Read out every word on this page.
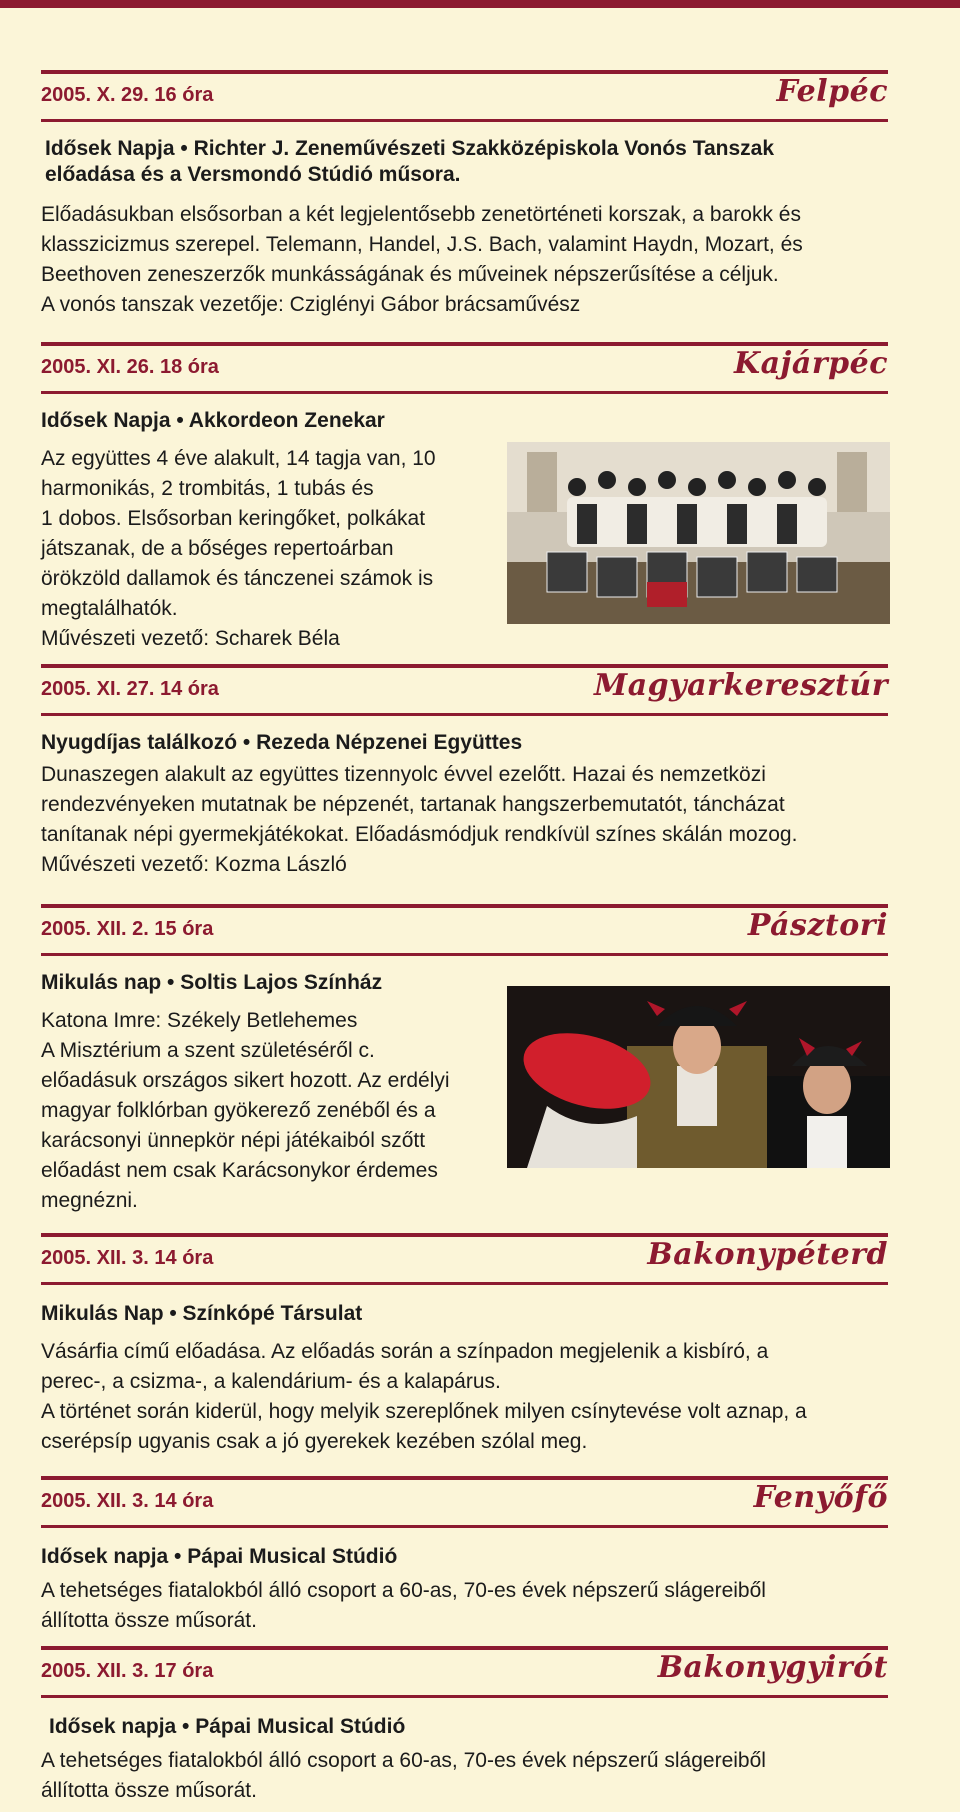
2005. X. 29. 16 óra	Felpéc
Idősek Napja • Richter J. Zeneművészeti Szakközépiskola Vonós Tanszak
előadása és a Versmondó Stúdió műsora.

Előadásukban elsősorban a két legjelentősebb zenetörténeti korszak, a barokk és

klasszicizmus szerepel. Telemann, Handel, J.S. Bach, valamint Haydn, Mozart, és

Beethoven zeneszerzők munkásságának és műveinek népszerűsítése a céljuk.

A vonós tanszak vezetője: Cziglényi Gábor brácsaművész

2005. XI. 26. 18 óra	Kajárpéc
Idősek Napja • Akkordeon Zenekar

Az együttes 4 éve alakult, 14 tagja van, 10

harmonikás, 2 trombitás, 1 tubás és

1 dobos. Elsősorban keringőket, polkákat

játszanak, de a bőséges repertoárban

örökzöld dallamok és tánczenei számok is

megtalálhatók.

Művészeti vezető: Scharek Béla

2005. XI. 27. 14 óra	Magyarkeresztúr
Nyugdíjas találkozó • Rezeda Népzenei Együttes

Dunaszegen alakult az együttes tizennyolc évvel ezelőtt. Hazai és nemzetközi

rendezvényeken mutatnak be népzenét, tartanak hangszerbemutatót, táncházat

tanítanak népi gyermekjátékokat. Előadásmódjuk rendkívül színes skálán mozog.

Művészeti vezető: Kozma László

2005. XII. 2. 15 óra	Pásztori
Mikulás nap • Soltis Lajos Színház

Katona Imre: Székely Betlehemes

A Misztérium a szent születéséről c.

előadásuk országos sikert hozott. Az erdélyi

magyar folklórban gyökerező zenéből és a

karácsonyi ünnepkör népi játékaiból szőtt

előadást nem csak Karácsonykor érdemes

megnézni.

2005. XII. 3. 14 óra	Bakonypéterd
Mikulás Nap • Színkópé Társulat

Vásárfia című előadása. Az előadás során a színpadon megjelenik a kisbíró, a

perec-, a csizma-, a kalendárium- és a kalapárus.

A történet során kiderül, hogy melyik szereplőnek milyen csínytevése volt aznap, a

cserépsíp ugyanis csak a jó gyerekek kezében szólal meg.

2005. XII. 3. 14 óra	Fenyőfő
Idősek napja • Pápai Musical Stúdió

A tehetséges fiatalokból álló csoport a 60-as, 70-es évek népszerű slágereiből

állította össze műsorát.

2005. XII. 3. 17 óra	Bakonygyirót
Idősek napja • Pápai Musical Stúdió

A tehetséges fiatalokból álló csoport a 60-as, 70-es évek népszerű slágereiből

állította össze műsorát.
